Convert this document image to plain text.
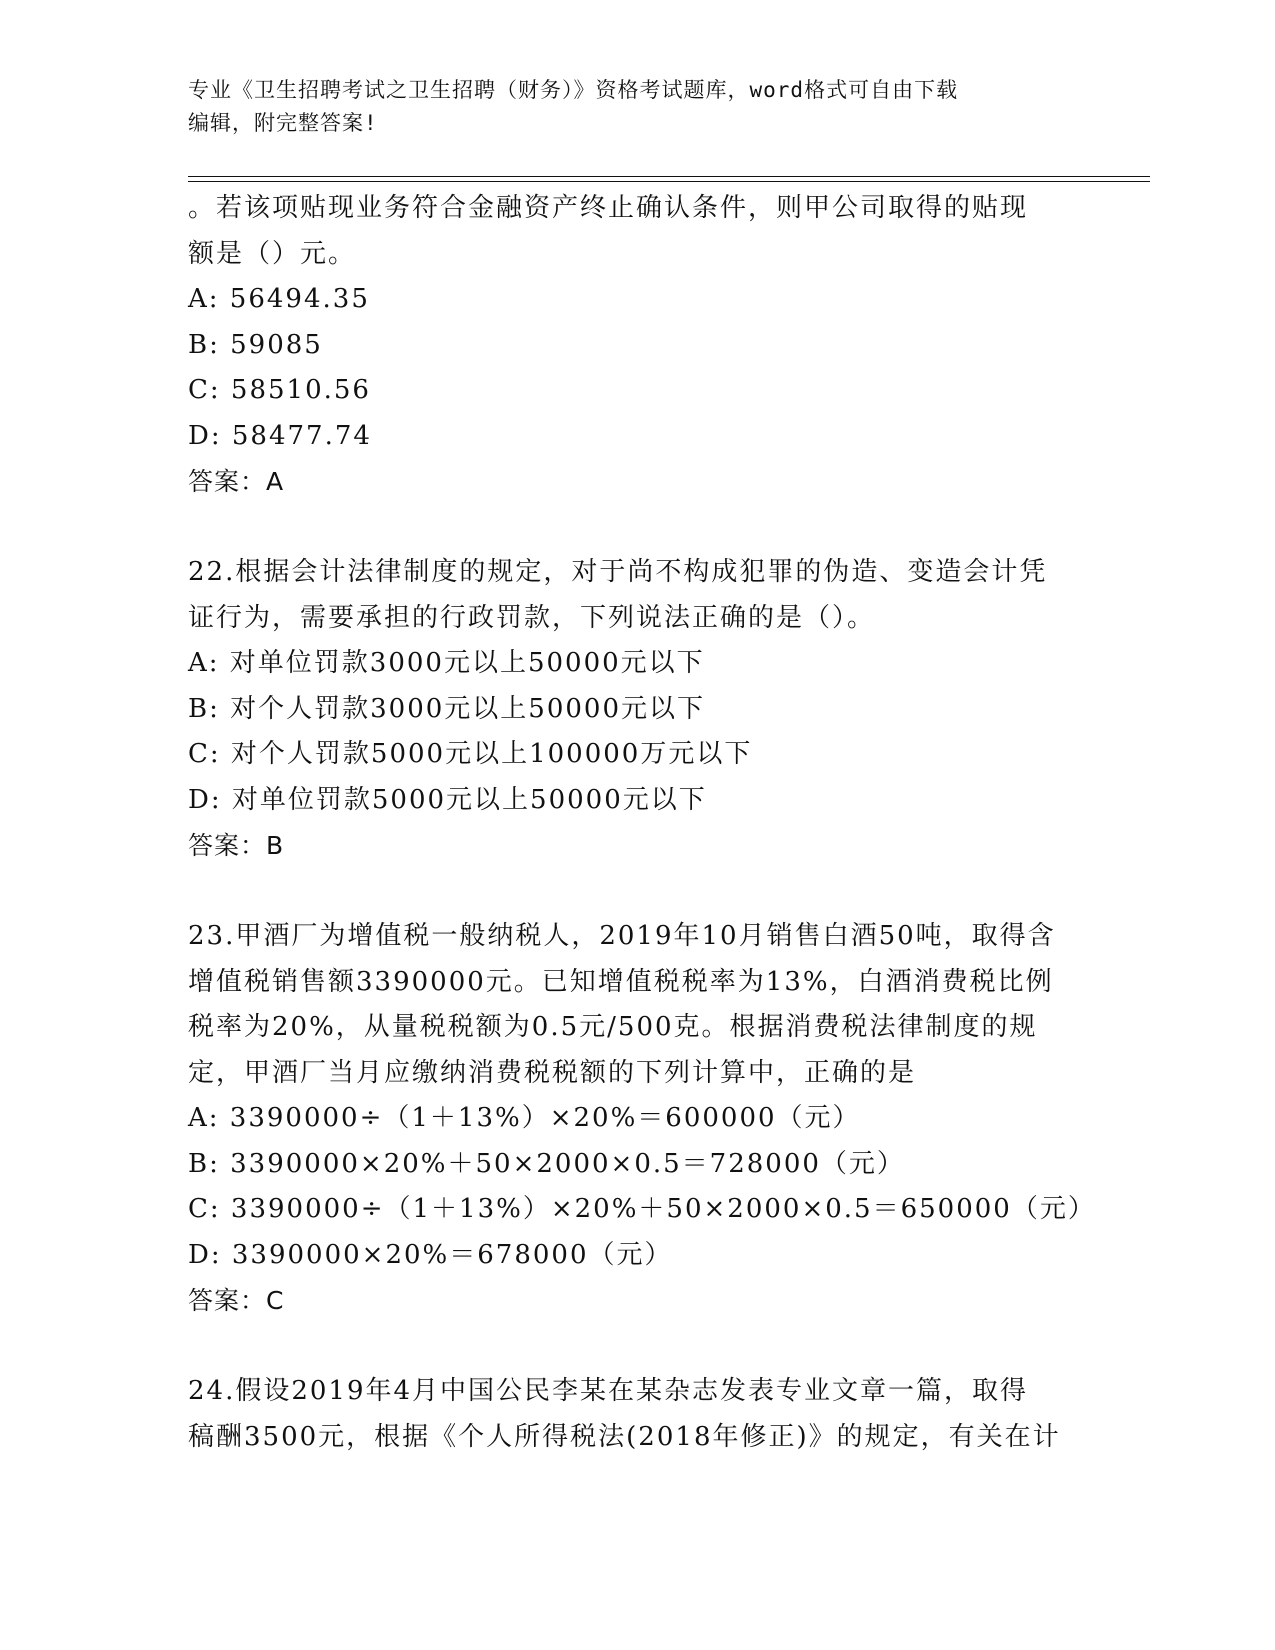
专业《卫生招聘考试之卫生招聘（财务）》资格考试题库，word格式可自由下载
编辑，附完整答案!
。若该项贴现业务符合金融资产终止确认条件，则甲公司取得的贴现
额是（）元。
A: 56494.35
B: 59085
C: 58510.56
D: 58477.74
答案：A
22.根据会计法律制度的规定，对于尚不构成犯罪的伪造、变造会计凭
证行为，需要承担的行政罚款，下列说法正确的是（）。
A: 对单位罚款3000元以上50000元以下
B: 对个人罚款3000元以上50000元以下
C: 对个人罚款5000元以上100000万元以下
D: 对单位罚款5000元以上50000元以下
答案：B
23.甲酒厂为增值税一般纳税人，2019年10月销售白酒50吨，取得含
增值税销售额3390000元。已知增值税税率为13%，白酒消费税比例
税率为20%，从量税税额为0.5元/500克。根据消费税法律制度的规
定，甲酒厂当月应缴纳消费税税额的下列计算中，正确的是
A: 3390000÷（1＋13%）×20%＝600000（元）
B: 3390000×20%＋50×2000×0.5＝728000（元）
C: 3390000÷（1＋13%）×20%＋50×2000×0.5＝650000（元）
D: 3390000×20%＝678000（元）
答案：C
24.假设2019年4月中国公民李某在某杂志发表专业文章一篇，取得
稿酬3500元，根据《个人所得税法(2018年修正)》的规定，有关在计
